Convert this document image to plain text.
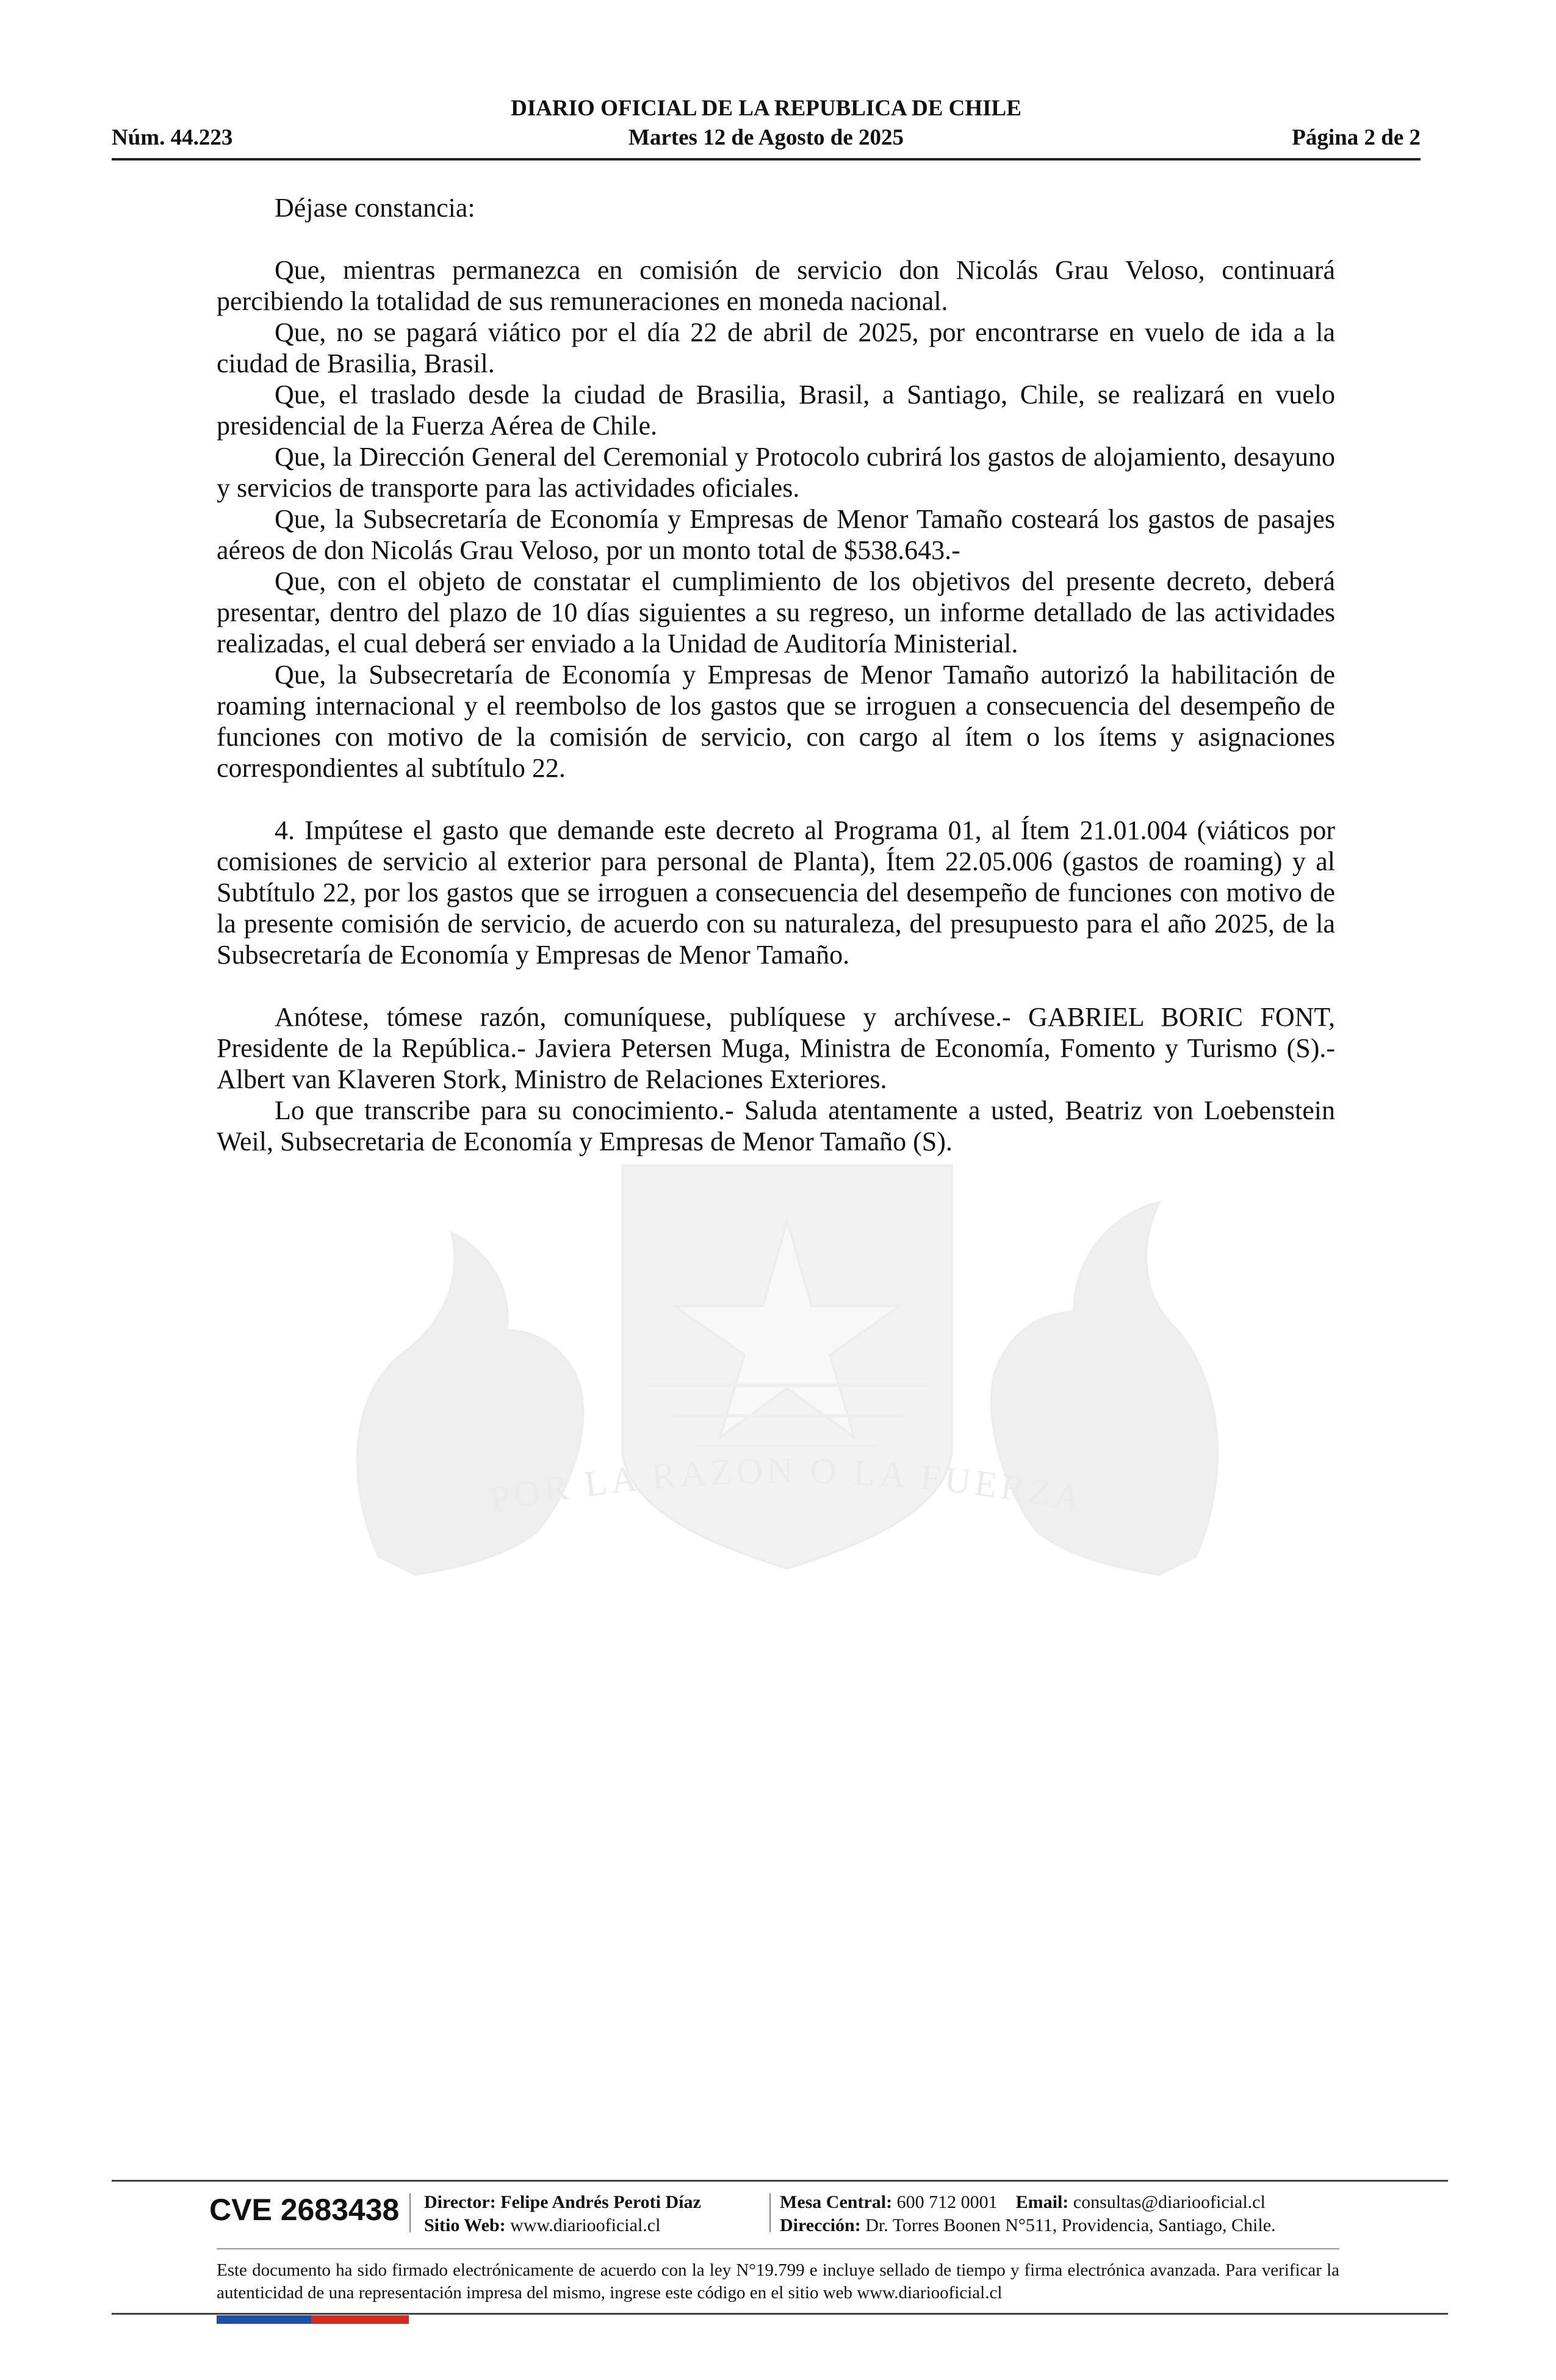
DIARIO OFICIAL DE LA REPUBLICA DE CHILE
Núm. 44.223	Martes 12 de Agosto de 2025	Página 2 de 2
POR LA RAZON O LA FUERZA

Déjase constancia:

Que, mientras permanezca en comisión de servicio don Nicolás Grau Veloso, continuará percibiendo la totalidad de sus remuneraciones en moneda nacional.

Que, no se pagará viático por el día 22 de abril de 2025, por encontrarse en vuelo de ida a la ciudad de Brasilia, Brasil.

Que, el traslado desde la ciudad de Brasilia, Brasil, a Santiago, Chile, se realizará en vuelo presidencial de la Fuerza Aérea de Chile.

Que, la Dirección General del Ceremonial y Protocolo cubrirá los gastos de alojamiento, desayuno y servicios de transporte para las actividades oficiales.

Que, la Subsecretaría de Economía y Empresas de Menor Tamaño costeará los gastos de pasajes aéreos de don Nicolás Grau Veloso, por un monto total de $538.643.-

Que, con el objeto de constatar el cumplimiento de los objetivos del presente decreto, deberá presentar, dentro del plazo de 10 días siguientes a su regreso, un informe detallado de las actividades realizadas, el cual deberá ser enviado a la Unidad de Auditoría Ministerial.

Que, la Subsecretaría de Economía y Empresas de Menor Tamaño autorizó la habilitación de roaming internacional y el reembolso de los gastos que se irroguen a consecuencia del desempeño de funciones con motivo de la comisión de servicio, con cargo al ítem o los ítems y asignaciones correspondientes al subtítulo 22.

4. Impútese el gasto que demande este decreto al Programa 01, al Ítem 21.01.004 (viáticos por comisiones de servicio al exterior para personal de Planta), Ítem 22.05.006 (gastos de roaming) y al Subtítulo 22, por los gastos que se irroguen a consecuencia del desempeño de funciones con motivo de la presente comisión de servicio, de acuerdo con su naturaleza, del presupuesto para el año 2025, de la Subsecretaría de Economía y Empresas de Menor Tamaño.

Anótese, tómese razón, comuníquese, publíquese y archívese.- GABRIEL BORIC FONT, Presidente de la República.- Javiera Petersen Muga, Ministra de Economía, Fomento y Turismo (S).- Albert van Klaveren Stork, Ministro de Relaciones Exteriores.

Lo que transcribe para su conocimiento.- Saluda atentamente a usted, Beatriz von Loebenstein Weil, Subsecretaria de Economía y Empresas de Menor Tamaño (S).

CVE 2683438 Director: Felipe Andrés Peroti Díaz
Sitio Web: www.diariooficial.cl
Mesa Central: 600 712 0001 Email: consultas@diariooficial.cl
Dirección: Dr. Torres Boonen N°511, Providencia, Santiago, Chile.
Este documento ha sido firmado electrónicamente de acuerdo con la ley N°19.799 e incluye sellado de tiempo y firma electrónica avanzada. Para verificar la autenticidad de una representación impresa del mismo, ingrese este código en el sitio web www.diariooficial.cl
